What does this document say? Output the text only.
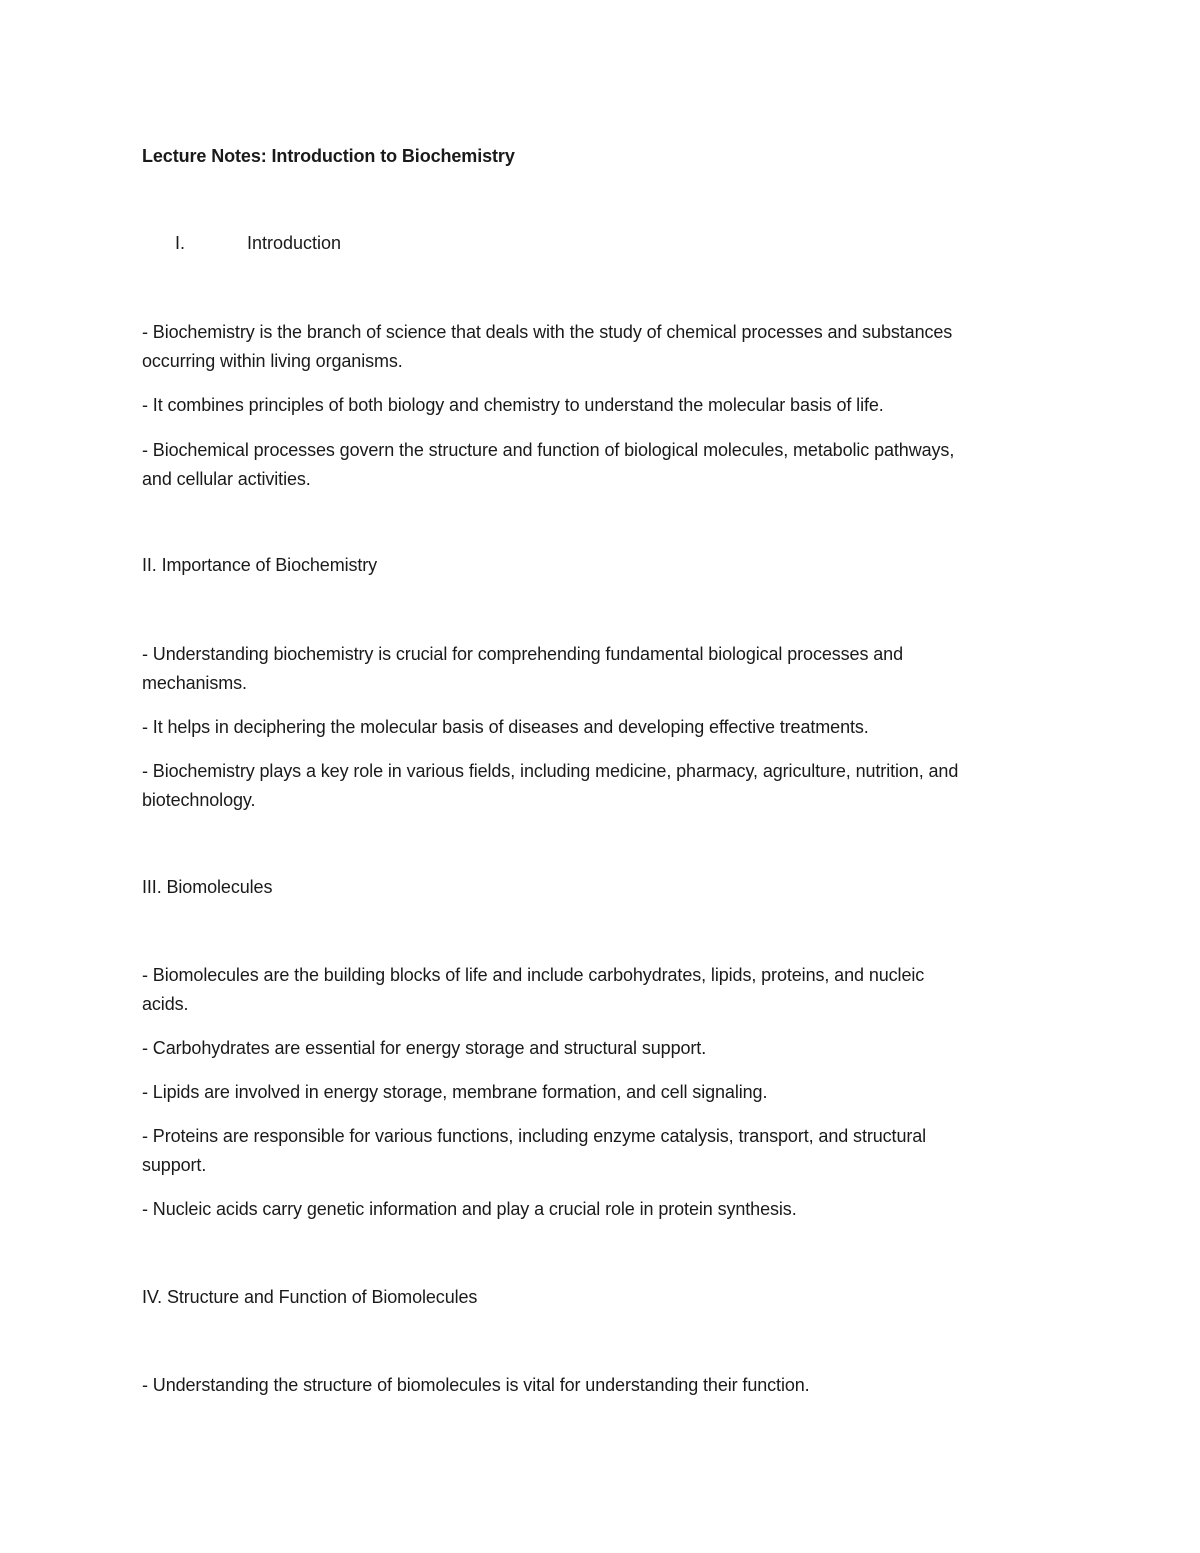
Lecture Notes: Introduction to Biochemistry
I.	Introduction
- Biochemistry is the branch of science that deals with the study of chemical processes and substances
occurring within living organisms.
- It combines principles of both biology and chemistry to understand the molecular basis of life.
- Biochemical processes govern the structure and function of biological molecules, metabolic pathways,
and cellular activities.
II. Importance of Biochemistry
- Understanding biochemistry is crucial for comprehending fundamental biological processes and
mechanisms.
- It helps in deciphering the molecular basis of diseases and developing effective treatments.
- Biochemistry plays a key role in various fields, including medicine, pharmacy, agriculture, nutrition, and
biotechnology.
III. Biomolecules
- Biomolecules are the building blocks of life and include carbohydrates, lipids, proteins, and nucleic
acids.
- Carbohydrates are essential for energy storage and structural support.
- Lipids are involved in energy storage, membrane formation, and cell signaling.
- Proteins are responsible for various functions, including enzyme catalysis, transport, and structural
support.
- Nucleic acids carry genetic information and play a crucial role in protein synthesis.
IV. Structure and Function of Biomolecules
- Understanding the structure of biomolecules is vital for understanding their function.
